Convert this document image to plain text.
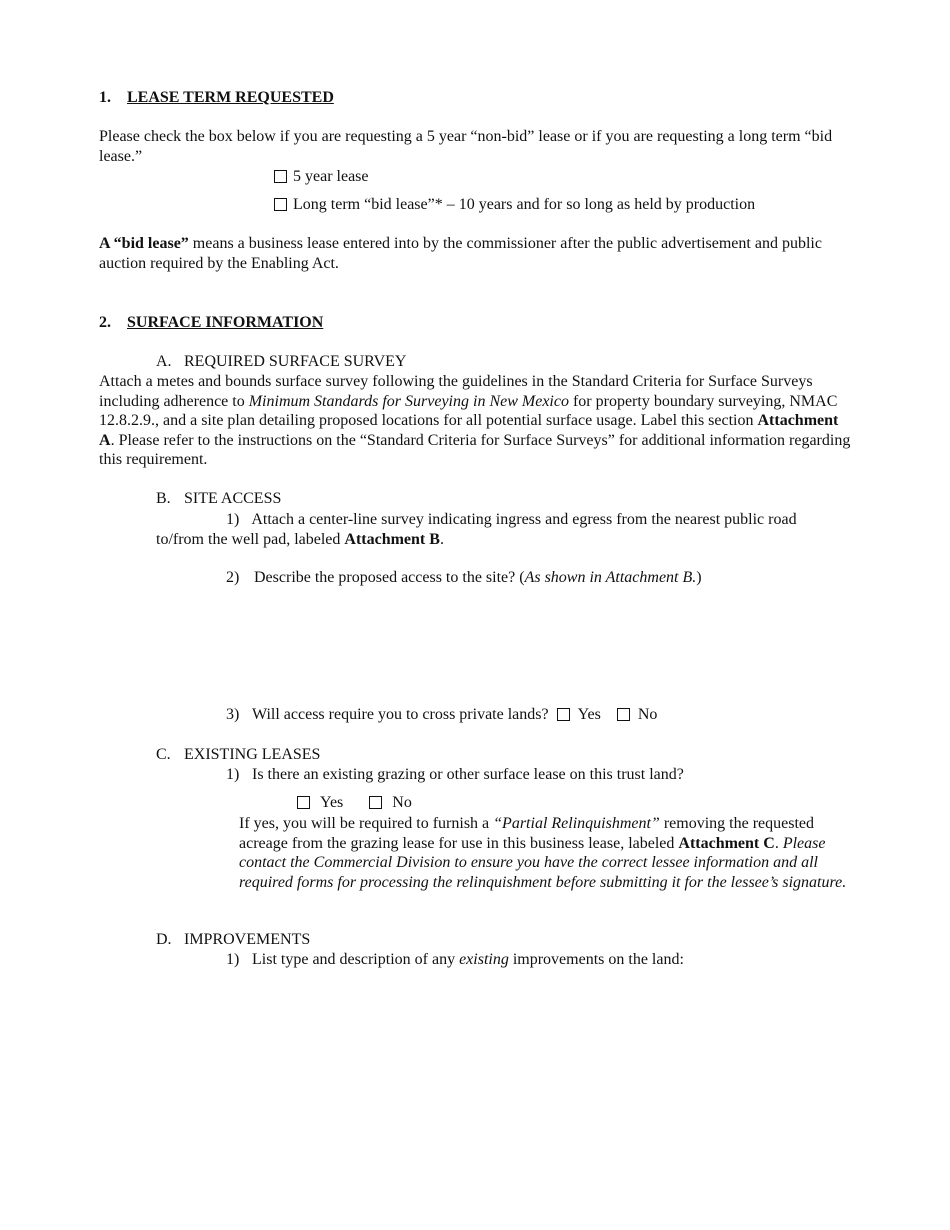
1. LEASE TERM REQUESTED
Please check the box below if you are requesting a 5 year “non-bid” lease or if you are requesting a long term “bid lease.”
5 year lease
Long term “bid lease”* – 10 years and for so long as held by production
A “bid lease” means a business lease entered into by the commissioner after the public advertisement and public auction required by the Enabling Act.
2. SURFACE INFORMATION
A. REQUIRED SURFACE SURVEY
Attach a metes and bounds surface survey following the guidelines in the Standard Criteria for Surface Surveys including adherence to Minimum Standards for Surveying in New Mexico for property boundary surveying, NMAC 12.8.2.9., and a site plan detailing proposed locations for all potential surface usage. Label this section Attachment A. Please refer to the instructions on the “Standard Criteria for Surface Surveys” for additional information regarding this requirement.
B. SITE ACCESS
1) Attach a center-line survey indicating ingress and egress from the nearest public road to/from the well pad, labeled Attachment B.
2) Describe the proposed access to the site? (As shown in Attachment B.)
3) Will access require you to cross private lands? Yes No
C. EXISTING LEASES
1) Is there an existing grazing or other surface lease on this trust land?
Yes	No
If yes, you will be required to furnish a “Partial Relinquishment” removing the requested acreage from the grazing lease for use in this business lease, labeled Attachment C. Please contact the Commercial Division to ensure you have the correct lessee information and all required forms for processing the relinquishment before submitting it for the lessee’s signature.
D. IMPROVEMENTS
1) List type and description of any existing improvements on the land:
